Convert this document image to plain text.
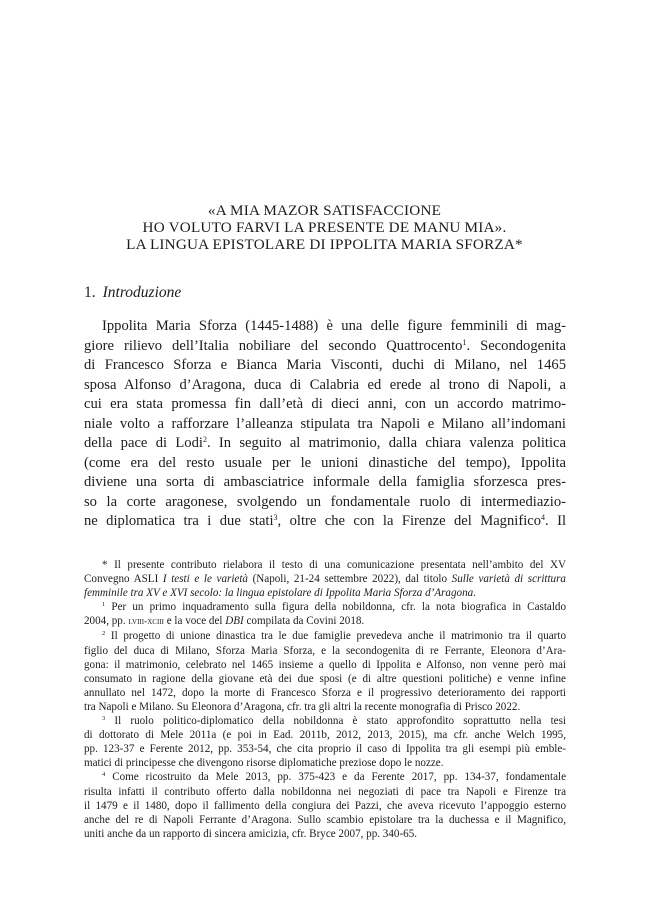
«A MIA MAZOR SATISFACCIONE
HO VOLUTO FARVI LA PRESENTE DE MANU MIA».
LA LINGUA EPISTOLARE DI IPPOLITA MARIA SFORZA*
1. Introduzione
Ippolita Maria Sforza (1445-1488) è una delle figure femminili di mag-
giore rilievo dell’Italia nobiliare del secondo Quattrocento$^1$. Secondogenita
di Francesco Sforza e Bianca Maria Visconti, duchi di Milano, nel 1465
sposa Alfonso d’Aragona, duca di Calabria ed erede al trono di Napoli, a
cui era stata promessa fin dall’età di dieci anni, con un accordo matrimo-
niale volto a rafforzare l’alleanza stipulata tra Napoli e Milano all’indomani
della pace di Lodi$^2$. In seguito al matrimonio, dalla chiara valenza politica
(come era del resto usuale per le unioni dinastiche del tempo), Ippolita
diviene una sorta di ambasciatrice informale della famiglia sforzesca pres-
so la corte aragonese, svolgendo un fondamentale ruolo di intermediazio-
ne diplomatica tra i due stati$^3$, oltre che con la Firenze del Magnifico$^4$. Il
* Il presente contributo rielabora il testo di una comunicazione presentata nell’ambito del XV
Convegno ASLI I testi e le varietà (Napoli, 21-24 settembre 2022), dal titolo Sulle varietà di scrittura
femminile tra XV e XVI secolo: la lingua epistolare di Ippolita Maria Sforza d’Aragona.
$^1$ Per un primo inquadramento sulla figura della nobildonna, cfr. la nota biografica in Castaldo
2004, pp. lviii-xciii e la voce del DBI compilata da Covini 2018.
$^2$ Il progetto di unione dinastica tra le due famiglie prevedeva anche il matrimonio tra il quarto
figlio del duca di Milano, Sforza Maria Sforza, e la secondogenita di re Ferrante, Eleonora d’Ara-
gona: il matrimonio, celebrato nel 1465 insieme a quello di Ippolita e Alfonso, non venne però mai
consumato in ragione della giovane età dei due sposi (e di altre questioni politiche) e venne infine
annullato nel 1472, dopo la morte di Francesco Sforza e il progressivo deterioramento dei rapporti
tra Napoli e Milano. Su Eleonora d’Aragona, cfr. tra gli altri la recente monografia di Prisco 2022.
$^3$ Il ruolo politico-diplomatico della nobildonna è stato approfondito soprattutto nella tesi
di dottorato di Mele 2011a (e poi in Ead. 2011b, 2012, 2013, 2015), ma cfr. anche Welch 1995,
pp. 123-37 e Ferente 2012, pp. 353-54, che cita proprio il caso di Ippolita tra gli esempi più emble-
matici di principesse che divengono risorse diplomatiche preziose dopo le nozze.
$^4$ Come ricostruito da Mele 2013, pp. 375-423 e da Ferente 2017, pp. 134-37, fondamentale
risulta infatti il contributo offerto dalla nobildonna nei negoziati di pace tra Napoli e Firenze tra
il 1479 e il 1480, dopo il fallimento della congiura dei Pazzi, che aveva ricevuto l’appoggio esterno
anche del re di Napoli Ferrante d’Aragona. Sullo scambio epistolare tra la duchessa e il Magnifico,
uniti anche da un rapporto di sincera amicizia, cfr. Bryce 2007, pp. 340-65.
